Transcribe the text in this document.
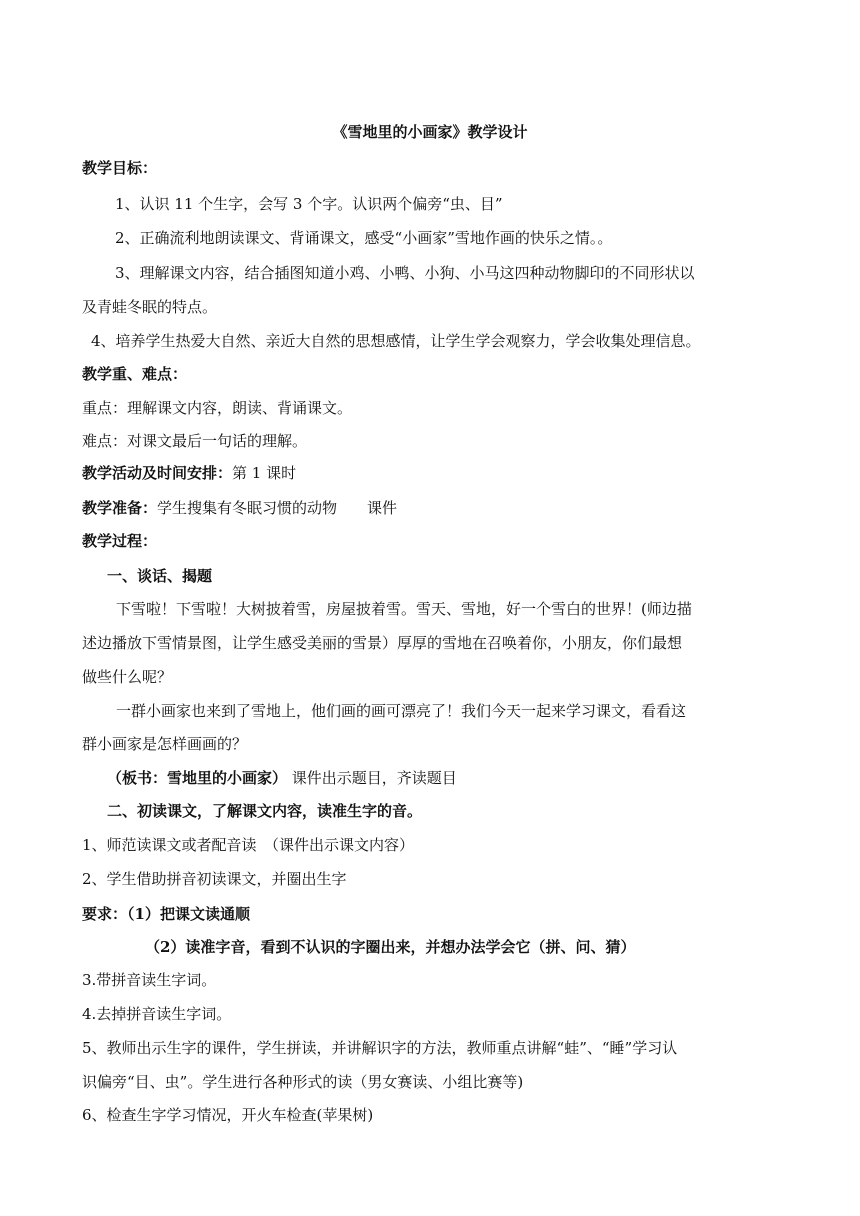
《雪地里的小画家》教学设计
教学目标：
1、认识 11 个生字，会写 3 个字。认识两个偏旁“虫、目”
2、正确流利地朗读课文、背诵课文，感受“小画家”雪地作画的快乐之情。。
3、理解课文内容，结合插图知道小鸡、小鸭、小狗、小马这四种动物脚印的不同形状以
及青蛙冬眠的特点。
4、培养学生热爱大自然、亲近大自然的思想感情，让学生学会观察力，学会收集处理信息。
教学重、难点：
重点：理解课文内容，朗读、背诵课文。
难点：对课文最后一句话的理解。
教学活动及时间安排：第 1 课时
教学准备：学生搜集有冬眠习惯的动物　　课件
教学过程：
一、谈话、揭题
下雪啦！下雪啦！大树披着雪，房屋披着雪。雪天、雪地，好一个雪白的世界！(师边描
述边播放下雪情景图，让学生感受美丽的雪景）厚厚的雪地在召唤着你，小朋友，你们最想
做些什么呢？
一群小画家也来到了雪地上，他们画的画可漂亮了！我们今天一起来学习课文，看看这
群小画家是怎样画画的？
（板书：雪地里的小画家） 课件出示题目，齐读题目
二、初读课文，了解课文内容，读准生字的音。
1、师范读课文或者配音读　（课件出示课文内容）
2、学生借助拼音初读课文，并圈出生字
要求：（1）把课文读通顺
（2）读准字音，看到不认识的字圈出来，并想办法学会它（拼、问、猜）
3.带拼音读生字词。
4.去掉拼音读生字词。
5、教师出示生字的课件，学生拼读，并讲解识字的方法，教师重点讲解“蛙”、“睡”学习认
识偏旁“目、虫”。学生进行各种形式的读（男女赛读、小组比赛等)
6、检查生字学习情况，开火车检查(苹果树)
